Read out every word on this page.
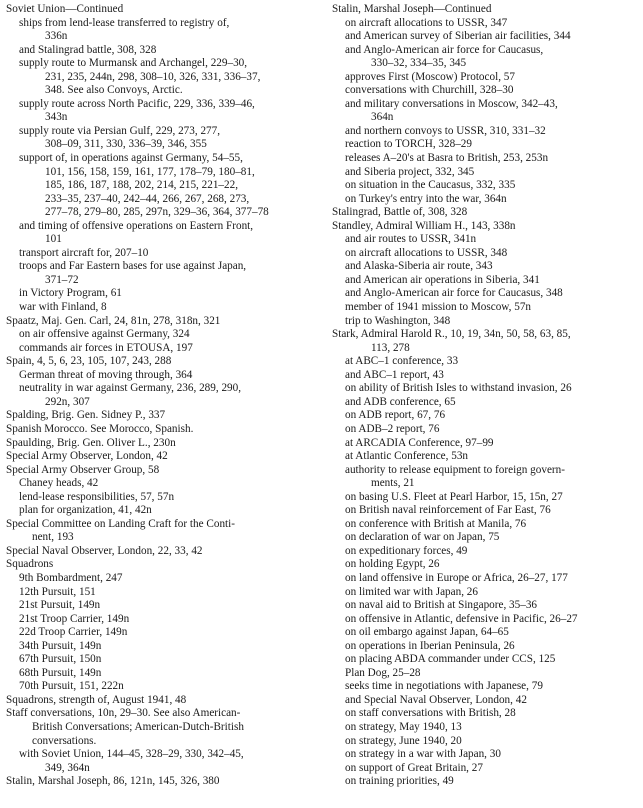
Soviet Union—Continued
ships from lend-lease transferred to registry of,
336n
and Stalingrad battle, 308, 328
supply route to Murmansk and Archangel, 229–30,
231, 235, 244n, 298, 308–10, 326, 331, 336–37,
348. See also Convoys, Arctic.
supply route across North Pacific, 229, 336, 339–46,
343n
supply route via Persian Gulf, 229, 273, 277,
308–09, 311, 330, 336–39, 346, 355
support of, in operations against Germany, 54–55,
101, 156, 158, 159, 161, 177, 178–79, 180–81,
185, 186, 187, 188, 202, 214, 215, 221–22,
233–35, 237–40, 242–44, 266, 267, 268, 273,
277–78, 279–80, 285, 297n, 329–36, 364, 377–78
and timing of offensive operations on Eastern Front,
101
transport aircraft for, 207–10
troops and Far Eastern bases for use against Japan,
371–72
in Victory Program, 61
war with Finland, 8
Spaatz, Maj. Gen. Carl, 24, 81n, 278, 318n, 321
on air offensive against Germany, 324
commands air forces in ETOUSA, 197
Spain, 4, 5, 6, 23, 105, 107, 243, 288
German threat of moving through, 364
neutrality in war against Germany, 236, 289, 290,
292n, 307
Spalding, Brig. Gen. Sidney P., 337
Spanish Morocco. See Morocco, Spanish.
Spaulding, Brig. Gen. Oliver L., 230n
Special Army Observer, London, 42
Special Army Observer Group, 58
Chaney heads, 42
lend-lease responsibilities, 57, 57n
plan for organization, 41, 42n
Special Committee on Landing Craft for the Conti-
nent, 193
Special Naval Observer, London, 22, 33, 42
Squadrons
9th Bombardment, 247
12th Pursuit, 151
21st Pursuit, 149n
21st Troop Carrier, 149n
22d Troop Carrier, 149n
34th Pursuit, 149n
67th Pursuit, 150n
68th Pursuit, 149n
70th Pursuit, 151, 222n
Squadrons, strength of, August 1941, 48
Staff conversations, 10n, 29–30. See also American-
British Conversations; American-Dutch-British
conversations.
with Soviet Union, 144–45, 328–29, 330, 342–45,
349, 364n
Stalin, Marshal Joseph, 86, 121n, 145, 326, 380
Stalin, Marshal Joseph—Continued
on aircraft allocations to USSR, 347
and American survey of Siberian air facilities, 344
and Anglo-American air force for Caucasus,
330–32, 334–35, 345
approves First (Moscow) Protocol, 57
conversations with Churchill, 328–30
and military conversations in Moscow, 342–43,
364n
and northern convoys to USSR, 310, 331–32
reaction to TORCH, 328–29
releases A–20's at Basra to British, 253, 253n
and Siberia project, 332, 345
on situation in the Caucasus, 332, 335
on Turkey's entry into the war, 364n
Stalingrad, Battle of, 308, 328
Standley, Admiral William H., 143, 338n
and air routes to USSR, 341n
on aircraft allocations to USSR, 348
and Alaska-Siberia air route, 343
and American air operations in Siberia, 341
and Anglo-American air force for Caucasus, 348
member of 1941 mission to Moscow, 57n
trip to Washington, 348
Stark, Admiral Harold R., 10, 19, 34n, 50, 58, 63, 85,
113, 278
at ABC–1 conference, 33
and ABC–1 report, 43
on ability of British Isles to withstand invasion, 26
and ADB conference, 65
on ADB report, 67, 76
on ADB–2 report, 76
at ARCADIA Conference, 97–99
at Atlantic Conference, 53n
authority to release equipment to foreign govern-
ments, 21
on basing U.S. Fleet at Pearl Harbor, 15, 15n, 27
on British naval reinforcement of Far East, 76
on conference with British at Manila, 76
on declaration of war on Japan, 75
on expeditionary forces, 49
on holding Egypt, 26
on land offensive in Europe or Africa, 26–27, 177
on limited war with Japan, 26
on naval aid to British at Singapore, 35–36
on offensive in Atlantic, defensive in Pacific, 26–27
on oil embargo against Japan, 64–65
on operations in Iberian Peninsula, 26
on placing ABDA commander under CCS, 125
Plan Dog, 25–28
seeks time in negotiations with Japanese, 79
and Special Naval Observer, London, 42
on staff conversations with British, 28
on strategy, May 1940, 13
on strategy, June 1940, 20
on strategy in a war with Japan, 30
on support of Great Britain, 27
on training priorities, 49
